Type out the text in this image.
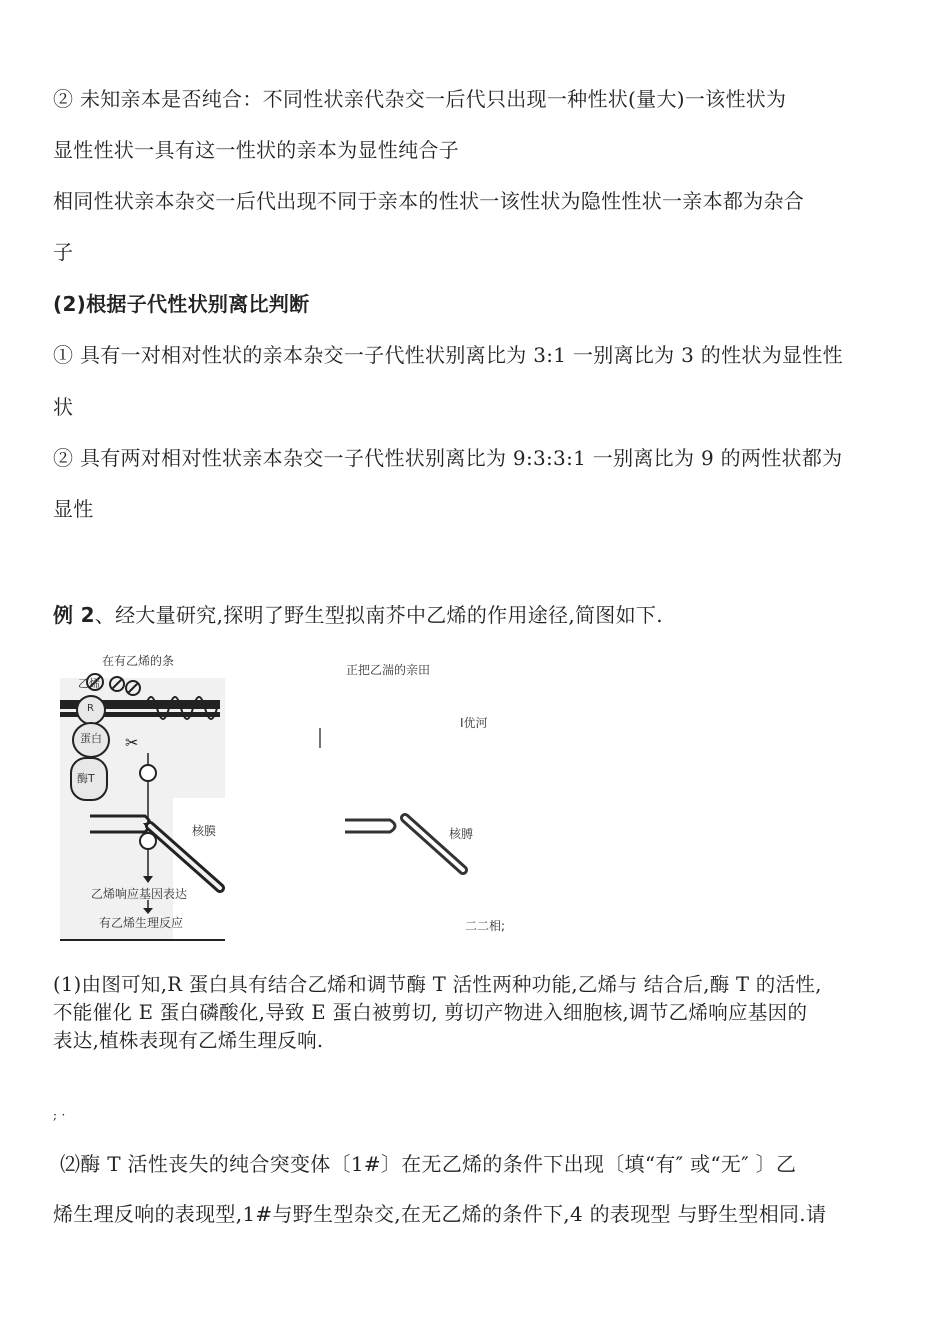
② 未知亲本是否纯合：不同性状亲代杂交一后代只出现一种性状(量大)一该性状为
显性性状一具有这一性状的亲本为显性纯合子
相同性状亲本杂交一后代出现不同于亲本的性状一该性状为隐性性状一亲本都为杂合
子
(2)根据子代性状别离比判断
① 具有一对相对性状的亲本杂交一子代性状别离比为 3:1 一别离比为 3 的性状为显性性
状
② 具有两对相对性状亲本杂交一子代性状别离比为 9:3:3:1 一别离比为 9 的两性状都为
显性
例 2、经大量研究,探明了野生型拟南芥中乙烯的作用途径,简图如下.
✂
在有乙烯的条
正把乙湍的亲田
I优河
乙烯
R
蛋白
酶T
核膜	核膊
乙烯响应基因表达
有乙烯生理反应	二二相;
(1)由图可知,R 蛋白具有结合乙烯和调节酶 T 活性两种功能,乙烯与 结合后,酶 T 的活性,
不能催化 E 蛋白磷酸化,导致 E 蛋白被剪切, 剪切产物进入细胞核,调节乙烯响应基因的
表达,植株表现有乙烯生理反响.
; ·
⑵酶 T 活性丧失的纯合突变体〔1#〕在无乙烯的条件下出现〔填“有″ 或“无″ 〕乙
烯生理反响的表现型,1#与野生型杂交,在无乙烯的条件下,4 的表现型 与野生型相同.请
